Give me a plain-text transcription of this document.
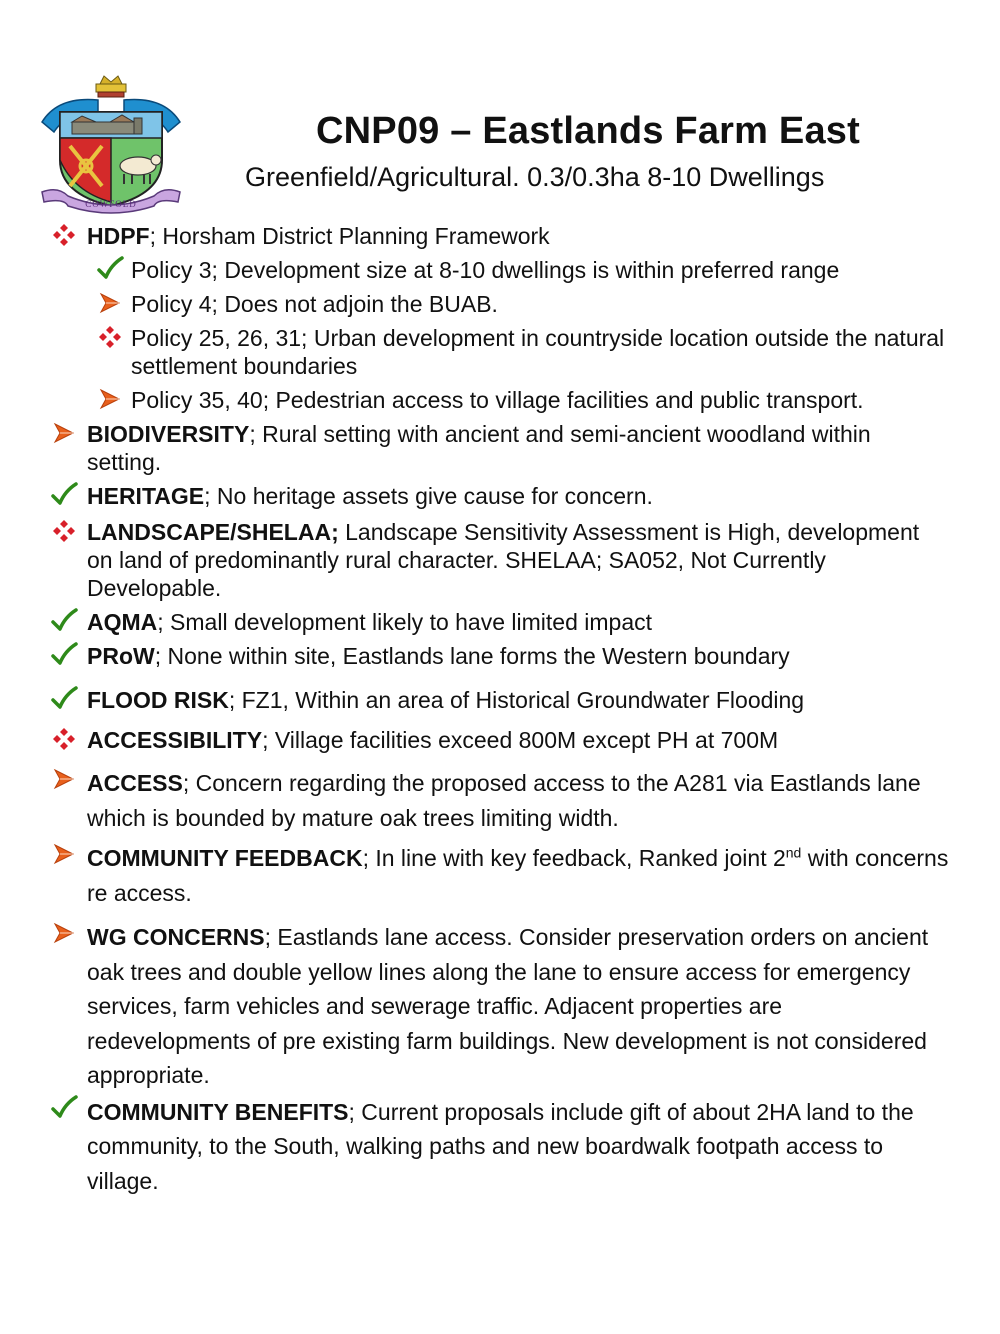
COWFOLD
CNP09 – Eastlands Farm East
Greenfield/Agricultural. 0.3/0.3ha 8-10 Dwellings
HDPF; Horsham District Planning Framework
Policy 3; Development size at 8-10 dwellings is within preferred range
Policy 4; Does not adjoin the BUAB.
Policy 25, 26, 31; Urban development in countryside location outside the natural settlement boundaries
Policy 35, 40; Pedestrian access to village facilities and public transport.
BIODIVERSITY; Rural setting with ancient and semi-ancient woodland within setting.
HERITAGE; No heritage assets give cause for concern.
LANDSCAPE/SHELAA; Landscape Sensitivity Assessment is High, development on land of predominantly rural character. SHELAA; SA052, Not Currently Developable.
AQMA; Small development likely to have limited impact
PRoW; None within site, Eastlands lane forms the Western boundary
FLOOD RISK; FZ1, Within an area of Historical Groundwater Flooding
ACCESSIBILITY; Village facilities exceed 800M except PH at 700M
ACCESS; Concern regarding the proposed access to the A281 via Eastlands lane which is bounded by mature oak trees limiting width.
COMMUNITY FEEDBACK; In line with key feedback, Ranked joint 2nd with concerns re access.
WG CONCERNS; Eastlands lane access. Consider preservation orders on ancient oak trees and double yellow lines along the lane to ensure access for emergency services, farm vehicles and sewerage traffic. Adjacent properties are redevelopments of pre existing farm buildings. New development is not considered appropriate.
COMMUNITY BENEFITS; Current proposals include gift of about 2HA land to the community, to the South, walking paths and new boardwalk footpath access to village.
